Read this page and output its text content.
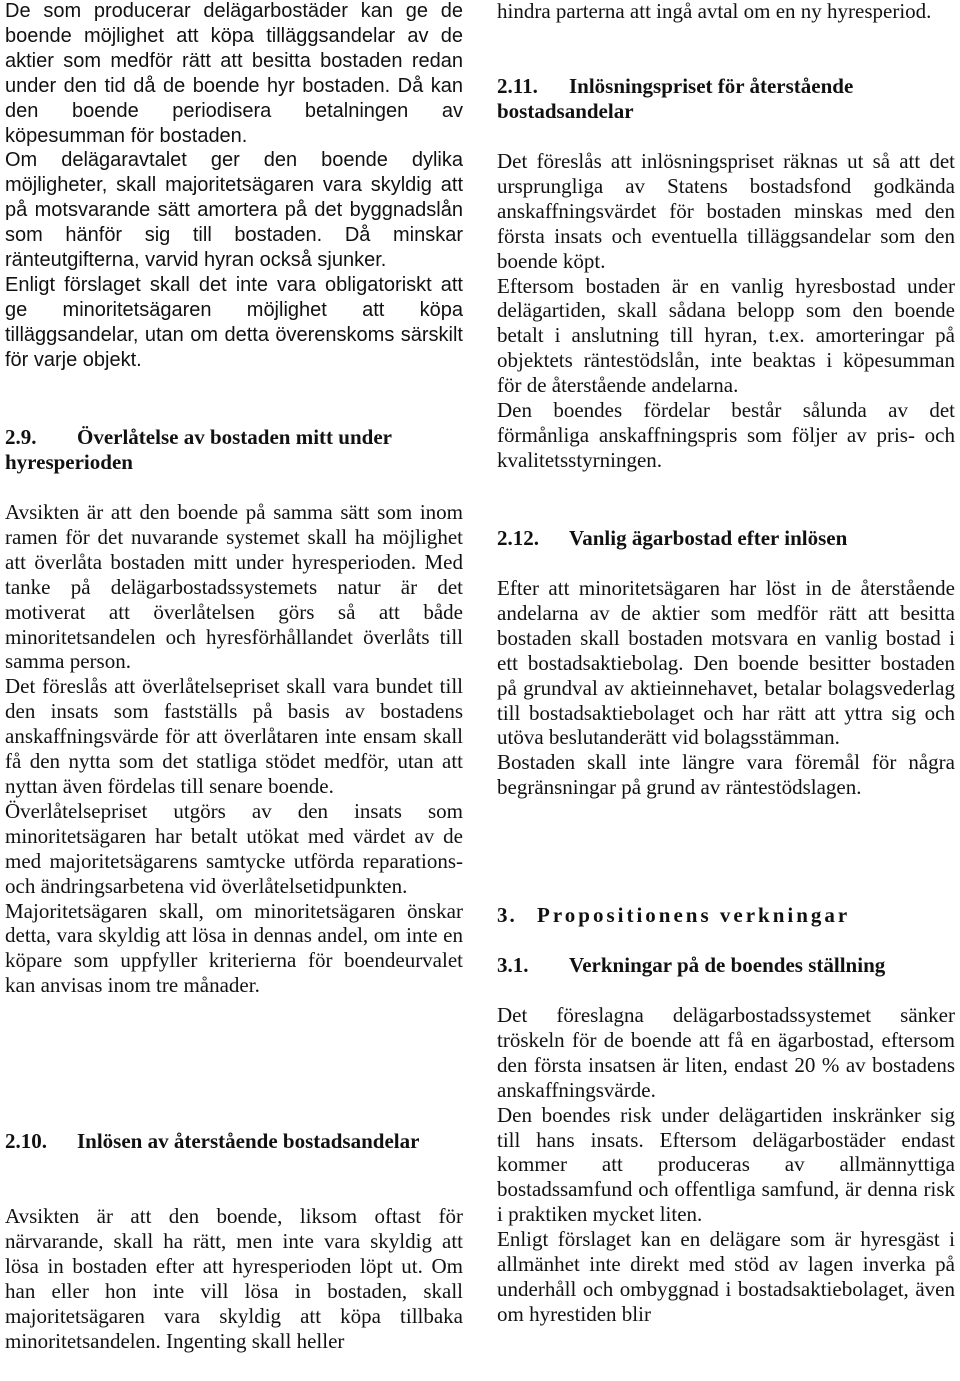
De som producerar delägarbostäder kan ge de boende möjlighet att köpa tilläggsandelar av de aktier som medför rätt att besitta bostaden redan under den tid då de boende hyr bostaden. Då kan den boende periodisera betalningen av köpesumman för bostaden.

Om delägaravtalet ger den boende dylika möjligheter, skall majoritetsägaren vara skyldig att på motsvarande sätt amortera på det byggnadslån som hänför sig till bostaden. Då minskar ränteutgifterna, varvid hyran också sjunker.

Enligt förslaget skall det inte vara obligatoriskt att ge minoritetsägaren möjlighet att köpa tilläggsandelar, utan om detta överenskoms särskilt för varje objekt.

2.9. Överlåtelse av bostaden mitt under hyresperioden

Avsikten är att den boende på samma sätt som inom ramen för det nuvarande systemet skall ha möjlighet att överlåta bostaden mitt under hyresperioden. Med tanke på delägarbostadssystemets natur är det motiverat att överlåtelsen görs så att både minoritetsandelen och hyresförhållandet överlåts till samma person.

Det föreslås att överlåtelsepriset skall vara bundet till den insats som fastställs på basis av bostadens anskaffningsvärde för att överlåtaren inte ensam skall få den nytta som det statliga stödet medför, utan att nyttan även fördelas till senare boende.

Överlåtelsepriset utgörs av den insats som minoritetsägaren har betalt utökat med värdet av de med majoritetsägarens samtycke utförda reparations- och ändringsarbetena vid överlåtelsetidpunkten.

Majoritetsägaren skall, om minoritetsägaren önskar detta, vara skyldig att lösa in dennas andel, om inte en köpare som uppfyller kriterierna för boendeurvalet kan anvisas inom tre månader.

2.10. Inlösen av återstående bostadsandelar

Avsikten är att den boende, liksom oftast för närvarande, skall ha rätt, men inte vara skyldig att lösa in bostaden efter att hyresperioden löpt ut. Om han eller hon inte vill lösa in bostaden, skall majoritetsägaren vara skyldig att köpa tillbaka minoritetsandelen. Ingenting skall heller

hindra parterna att ingå avtal om en ny hyresperiod.

2.11. Inlösningspriset för återstående bostadsandelar

Det föreslås att inlösningspriset räknas ut så att det ursprungliga av Statens bostadsfond godkända anskaffningsvärdet för bostaden minskas med den första insats och eventuella tilläggsandelar som den boende köpt.

Eftersom bostaden är en vanlig hyresbostad under delägartiden, skall sådana belopp som den boende betalt i anslutning till hyran, t.ex. amorteringar på objektets räntestödslån, inte beaktas i köpesumman för de återstående andelarna.

Den boendes fördelar består sålunda av det förmånliga anskaffningspris som följer av pris- och kvalitetsstyrningen.

2.12. Vanlig ägarbostad efter inlösen

Efter att minoritetsägaren har löst in de återstående andelarna av de aktier som medför rätt att besitta bostaden skall bostaden motsvara en vanlig bostad i ett bostadsaktiebolag. Den boende besitter bostaden på grundval av aktieinnehavet, betalar bolagsvederlag till bostadsaktiebolaget och har rätt att yttra sig och utöva beslutanderätt vid bolagsstämman.

Bostaden skall inte längre vara föremål för några begränsningar på grund av räntestödslagen.

3. Propositionens verkningar

3.1. Verkningar på de boendes ställning

Det föreslagna delägarbostadssystemet sänker tröskeln för de boende att få en ägarbostad, eftersom den första insatsen är liten, endast 20 % av bostadens anskaffningsvärde.

Den boendes risk under delägartiden inskränker sig till hans insats. Eftersom delägarbostäder endast kommer att produceras av allmännyttiga bostadssamfund och offentliga samfund, är denna risk i praktiken mycket liten.

Enligt förslaget kan en delägare som är hyresgäst i allmänhet inte direkt med stöd av lagen inverka på underhåll och ombyggnad i bostadsaktiebolaget, även om hyrestiden blir
